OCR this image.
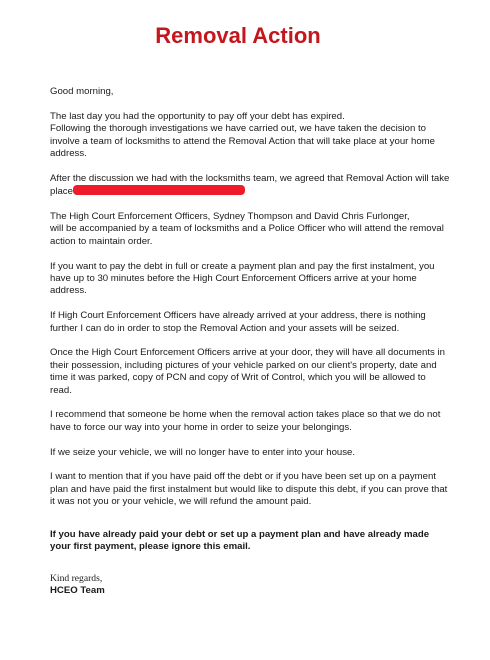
Removal Action

Good morning,

The last day you had the opportunity to pay off your debt has expired.
Following the thorough investigations we have carried out, we have taken the decision to involve a team of locksmiths to attend the Removal Action that will take place at your home address.

After the discussion we had with the locksmiths team, we agreed that Removal Action will take place

The High Court Enforcement Officers, Sydney Thompson and David Chris Furlonger,
will be accompanied by a team of locksmiths and a Police Officer who will attend the removal action to maintain order.

If you want to pay the debt in full or create a payment plan and pay the first instalment, you have up to 30 minutes before the High Court Enforcement Officers arrive at your home address.

If High Court Enforcement Officers have already arrived at your address, there is nothing further I can do in order to stop the Removal Action and your assets will be seized.

Once the High Court Enforcement Officers arrive at your door, they will have all documents in their possession, including pictures of your vehicle parked on our client's property, date and time it was parked, copy of PCN and copy of Writ of Control, which you will be allowed to read.

I recommend that someone be home when the removal action takes place so that we do not have to force our way into your home in order to seize your belongings.

If we seize your vehicle, we will no longer have to enter into your house.

I want to mention that if you have paid off the debt or if you have been set up on a payment plan and have paid the first instalment but would like to dispute this debt, if you can prove that it was not you or your vehicle, we will refund the amount paid.

If you have already paid your debt or set up a payment plan and have already made your first payment, please ignore this email.

Kind regards,
HCEO Team
